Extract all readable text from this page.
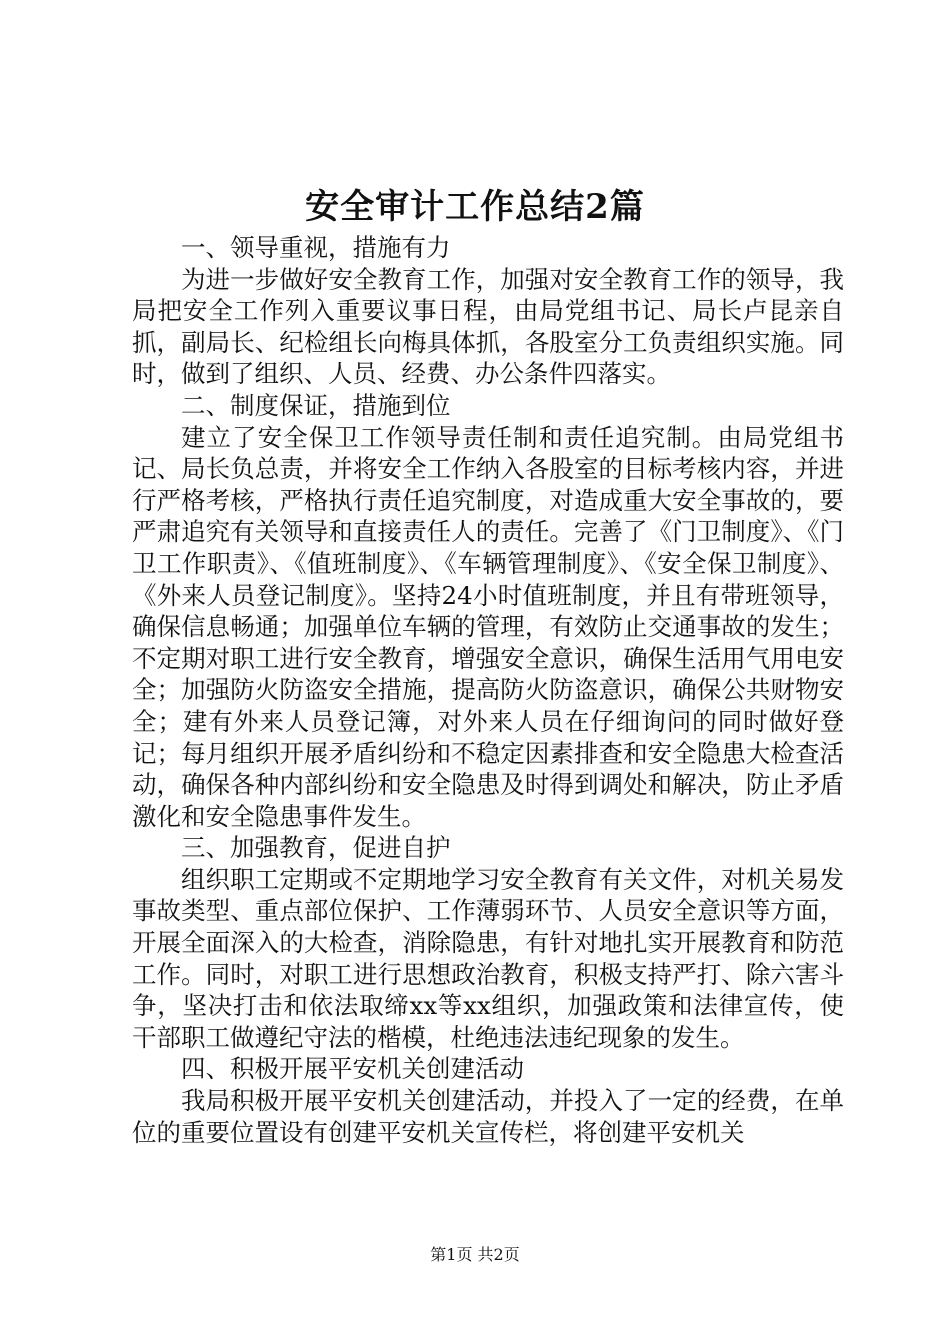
安全审计工作总结2篇

一、领导重视，措施有力

为进一步做好安全教育工作，加强对安全教育工作的领导，我局把安全工作列入重要议事日程，由局党组书记、局长卢昆亲自抓，副局长、纪检组长向梅具体抓，各股室分工负责组织实施。同时，做到了组织、人员、经费、办公条件四落实。

二、制度保证，措施到位

建立了安全保卫工作领导责任制和责任追究制。由局党组书记、局长负总责，并将安全工作纳入各股室的目标考核内容，并进行严格考核，严格执行责任追究制度，对造成重大安全事故的，要严肃追究有关领导和直接责任人的责任。完善了《门卫制度》、《门卫工作职责》、《值班制度》、《车辆管理制度》、《安全保卫制度》、《外来人员登记制度》。坚持24小时值班制度，并且有带班领导，确保信息畅通；加强单位车辆的管理，有效防止交通事故的发生；不定期对职工进行安全教育，增强安全意识，确保生活用气用电安全；加强防火防盗安全措施，提高防火防盗意识，确保公共财物安全；建有外来人员登记簿，对外来人员在仔细询问的同时做好登记；每月组织开展矛盾纠纷和不稳定因素排查和安全隐患大检查活动，确保各种内部纠纷和安全隐患及时得到调处和解决，防止矛盾激化和安全隐患事件发生。

三、加强教育，促进自护

组织职工定期或不定期地学习安全教育有关文件，对机关易发事故类型、重点部位保护、工作薄弱环节、人员安全意识等方面，开展全面深入的大检查，消除隐患，有针对地扎实开展教育和防范工作。同时，对职工进行思想政治教育，积极支持严打、除六害斗争，坚决打击和依法取缔xx等xx组织，加强政策和法律宣传，使干部职工做遵纪守法的楷模，杜绝违法违纪现象的发生。

四、积极开展平安机关创建活动

我局积极开展平安机关创建活动，并投入了一定的经费，在单位的重要位置设有创建平安机关宣传栏，将创建平安机关

第1页 共2页
